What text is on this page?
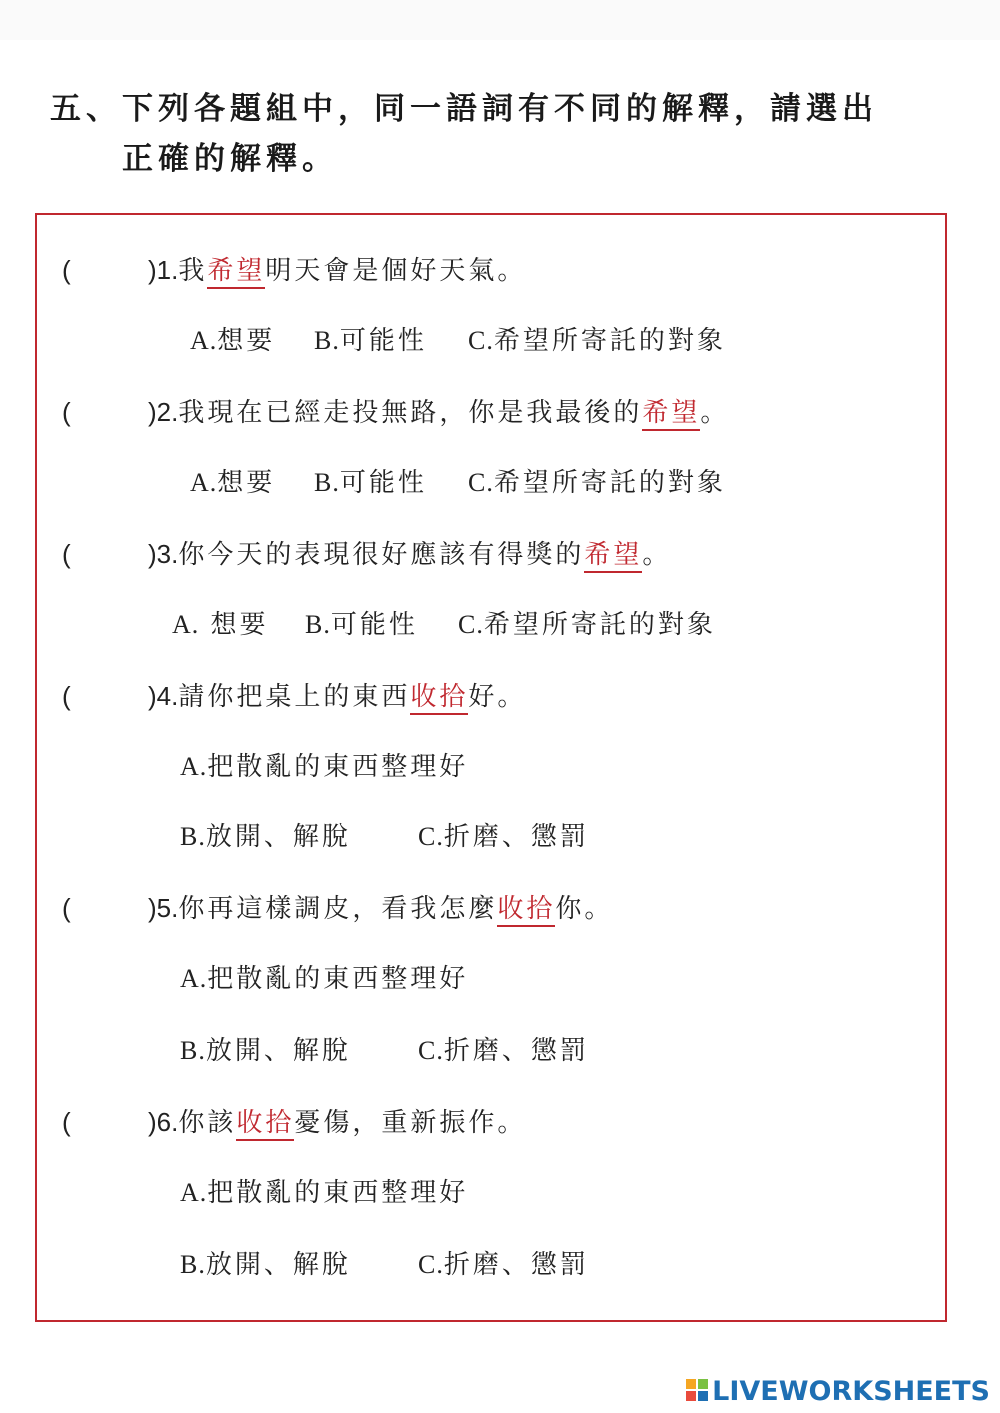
五、下列各題組中，同一語詞有不同的解釋，請選出
正確的解釋。
(	)1.我希望明天會是個好天氣。
A.想要 B.可能性 C.希望所寄託的對象
(	)2.我現在已經走投無路，你是我最後的希望。
A.想要 B.可能性 C.希望所寄託的對象
(	)3.你今天的表現很好應該有得獎的希望。
A. 想要 B.可能性 C.希望所寄託的對象
(	)4.請你把桌上的東西收拾好。
A.把散亂的東西整理好
B.放開、解脫	C.折磨、懲罰
(	)5.你再這樣調皮，看我怎麼收拾你。
A.把散亂的東西整理好
B.放開、解脫	C.折磨、懲罰
(	)6.你該收拾憂傷，重新振作。
A.把散亂的東西整理好
B.放開、解脫	C.折磨、懲罰
LIVEWORKSHEETS
